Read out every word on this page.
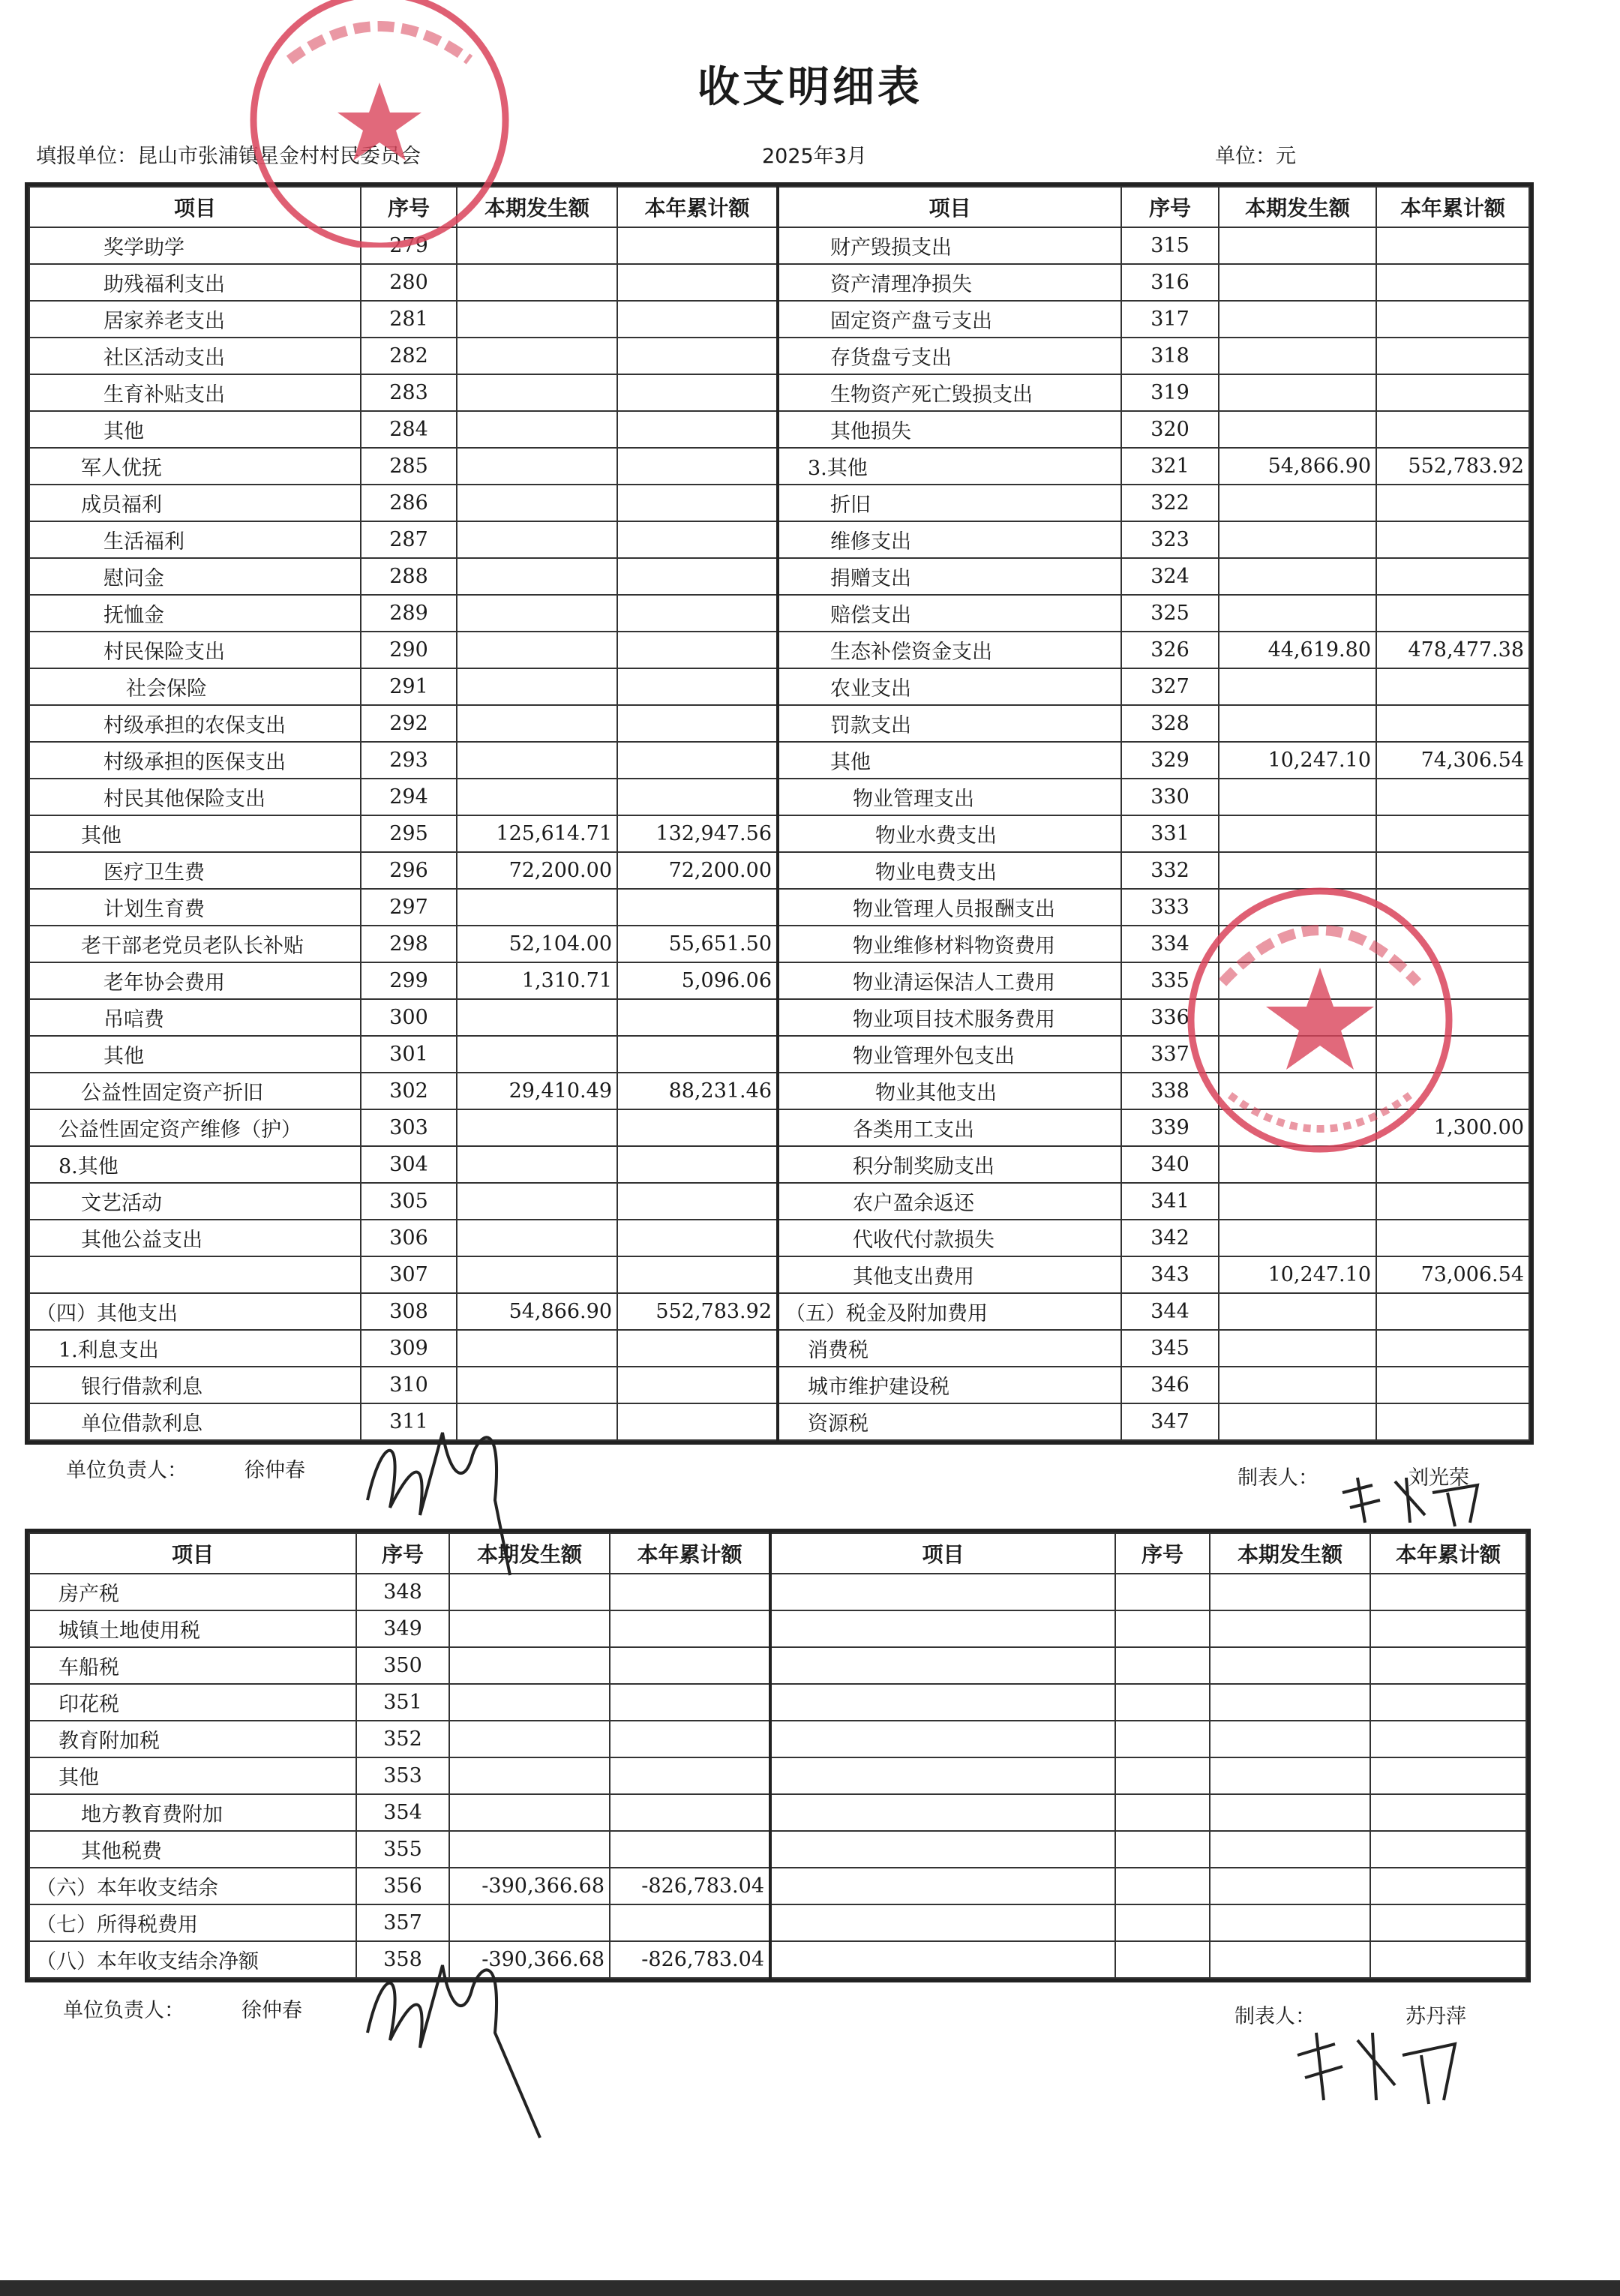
收支明细表
填报单位：昆山市张浦镇星金村村民委员会	2025年3月	单位：元
项目	序号	本期发生额	本年累计额	项目	序号	本期发生额	本年累计额
奖学助学	279			财产毁损支出	315		
助残福利支出	280			资产清理净损失	316		
居家养老支出	281			固定资产盘亏支出	317		
社区活动支出	282			存货盘亏支出	318		
生育补贴支出	283			生物资产死亡毁损支出	319		
其他	284			其他损失	320		
军人优抚	285			3.其他	321	54,866.90	552,783.92
成员福利	286			折旧	322		
生活福利	287			维修支出	323		
慰问金	288			捐赠支出	324		
抚恤金	289			赔偿支出	325		
村民保险支出	290			生态补偿资金支出	326	44,619.80	478,477.38
社会保险	291			农业支出	327		
村级承担的农保支出	292			罚款支出	328		
村级承担的医保支出	293			其他	329	10,247.10	74,306.54
村民其他保险支出	294			物业管理支出	330		
其他	295	125,614.71	132,947.56	物业水费支出	331		
医疗卫生费	296	72,200.00	72,200.00	物业电费支出	332		
计划生育费	297			物业管理人员报酬支出	333		
老干部老党员老队长补贴	298	52,104.00	55,651.50	物业维修材料物资费用	334		
老年协会费用	299	1,310.71	5,096.06	物业清运保洁人工费用	335		
吊唁费	300			物业项目技术服务费用	336		
其他	301			物业管理外包支出	337		
公益性固定资产折旧	302	29,410.49	88,231.46	物业其他支出	338		
公益性固定资产维修（护）	303			各类用工支出	339		1,300.00
8.其他	304			积分制奖励支出	340		
文艺活动	305			农户盈余返还	341		
其他公益支出	306			代收代付款损失	342		
	307			其他支出费用	343	10,247.10	73,006.54
（四）其他支出	308	54,866.90	552,783.92	（五）税金及附加费用	344		
1.利息支出	309			消费税	345		
银行借款利息	310			城市维护建设税	346		
单位借款利息	311			资源税	347		
单位负责人：	徐仲春	制表人：	刘光荣
项目	序号	本期发生额	本年累计额	项目	序号	本期发生额	本年累计额
房产税	348						
城镇土地使用税	349						
车船税	350						
印花税	351						
教育附加税	352						
其他	353						
地方教育费附加	354						
其他税费	355						
（六）本年收支结余	356	-390,366.68	-826,783.04				
（七）所得税费用	357						
（八）本年收支结余净额	358	-390,366.68	-826,783.04				
单位负责人：	徐仲春	制表人：	苏丹萍
